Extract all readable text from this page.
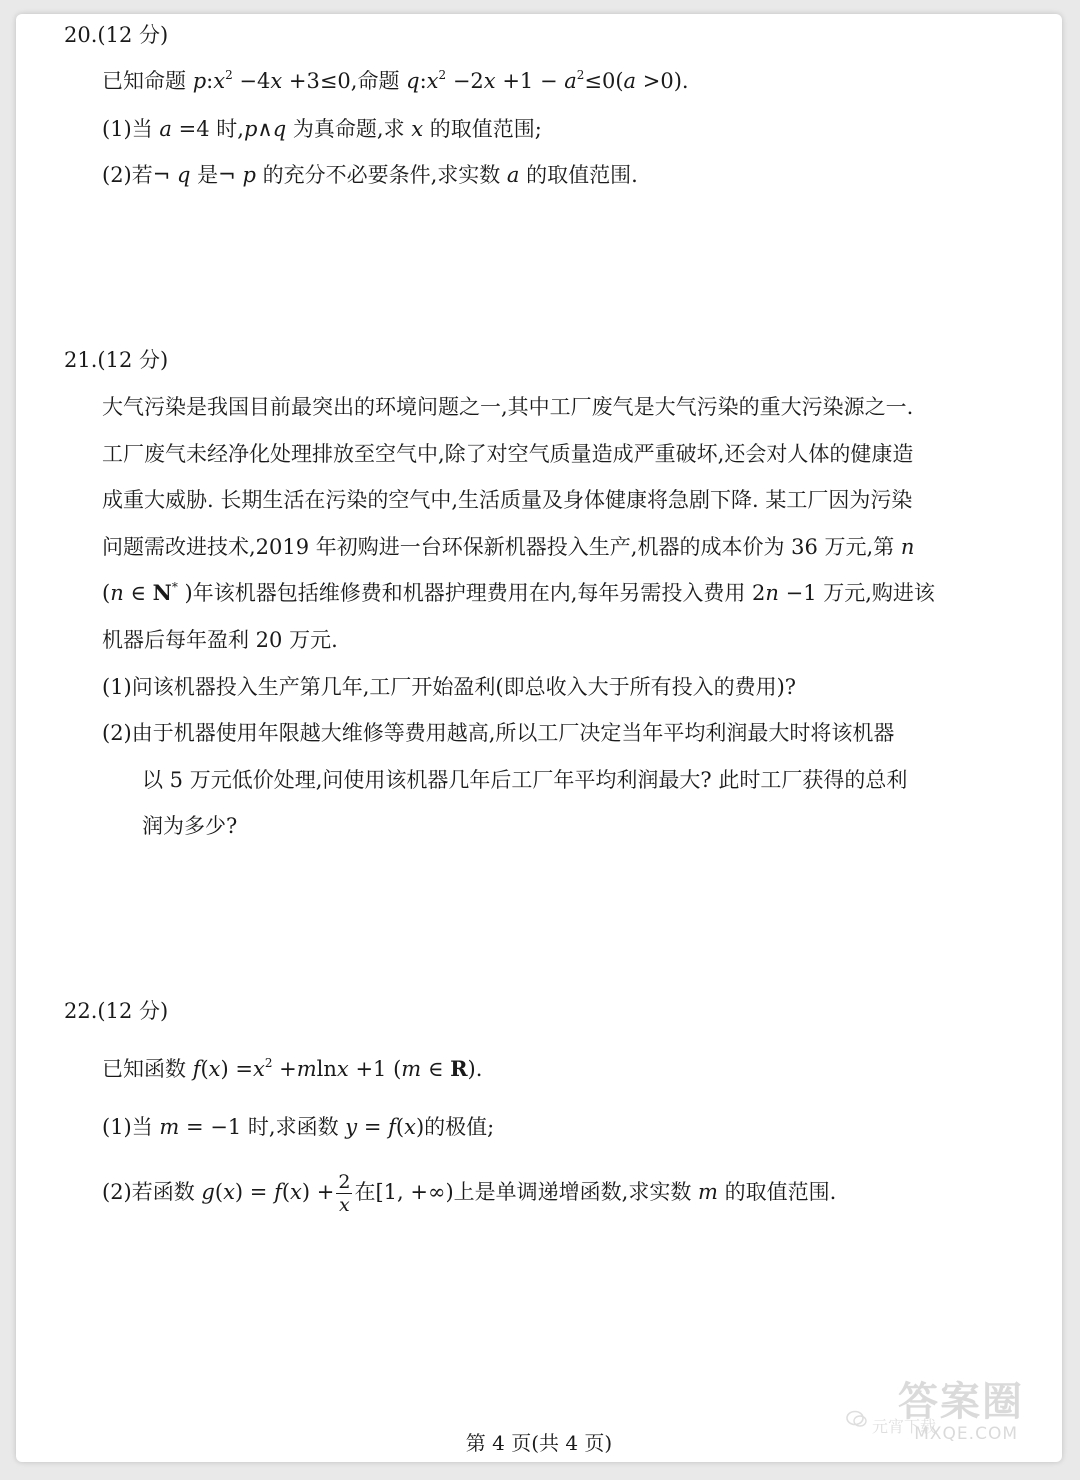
20.(12 分)
已知命题 $p:x^2 -4x +3\le 0$,命题 $q:x^2 -2x +1 - a^2\le 0(a >0)$.
(1)当 a =4 时,p∧q 为真命题,求 x 的取值范围;
(2)若¬ q 是¬ p 的充分不必要条件,求实数 a 的取值范围.
21.(12 分)
大气污染是我国目前最突出的环境问题之一,其中工厂废气是大气污染的重大污染源之一.
工厂废气未经净化处理排放至空气中,除了对空气质量造成严重破坏,还会对人体的健康造
成重大威胁. 长期生活在污染的空气中,生活质量及身体健康将急剧下降. 某工厂因为污染
问题需改进技术,2019 年初购进一台环保新机器投入生产,机器的成本价为 36 万元,第 n
(n ∈ N* )年该机器包括维修费和机器护理费用在内,每年另需投入费用 2n −1 万元,购进该
机器后每年盈利 20 万元.
(1)问该机器投入生产第几年,工厂开始盈利(即总收入大于所有投入的费用)?
(2)由于机器使用年限越大维修等费用越高,所以工厂决定当年平均利润最大时将该机器
以 5 万元低价处理,问使用该机器几年后工厂年平均利润最大? 此时工厂获得的总利
润为多少?
22.(12 分)
已知函数 $f(x) =x^2 +mlnx +1$ (m ∈ R).
(1)当 m = −1 时,求函数 y = f(x)的极值;
(2)若函数 $g(x) = f(x) + \frac{2}{x}$ 在[1, +∞)上是单调递增函数,求实数 m 的取值范围.
第 4 页(共 4 页)
答案圈
元宵下载
MXQE.COM
